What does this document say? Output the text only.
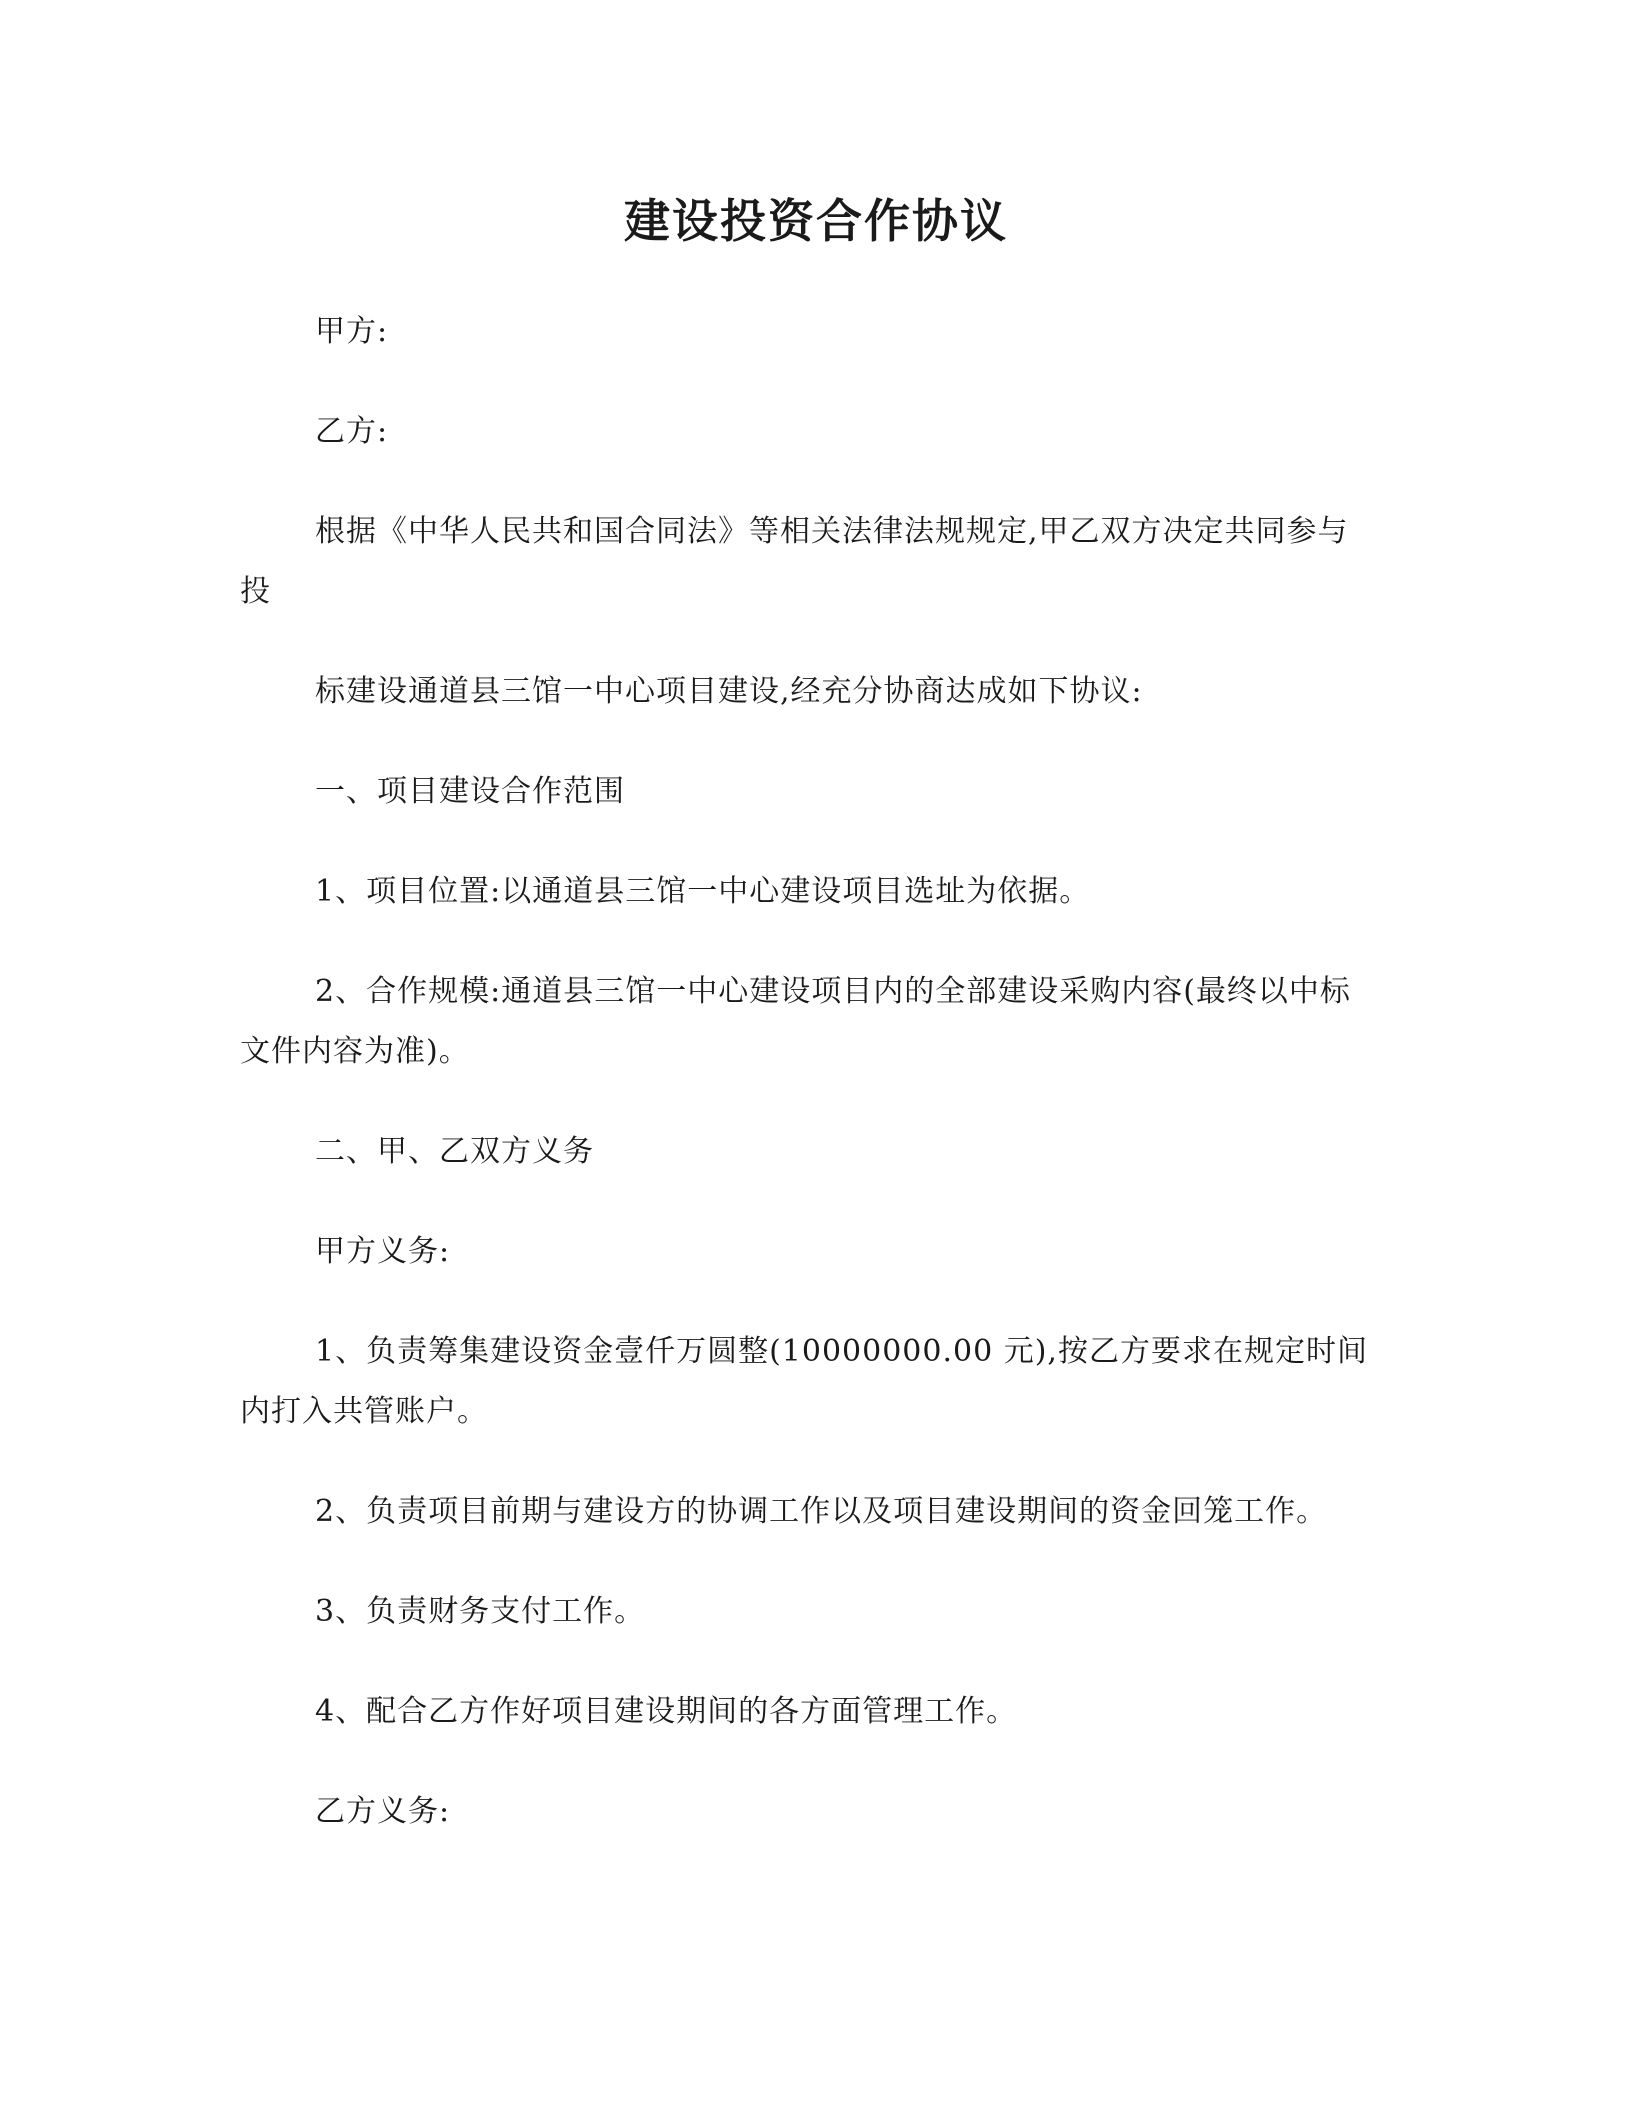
建设投资合作协议
甲方:
乙方:
根据《中华人民共和国合同法》等相关法律法规规定,甲乙双方决定共同参与
投
标建设通道县三馆一中心项目建设,经充分协商达成如下协议:
一、项目建设合作范围
1、项目位置:以通道县三馆一中心建设项目选址为依据。
2、合作规模:通道县三馆一中心建设项目内的全部建设采购内容(最终以中标
文件内容为准)。
二、甲、乙双方义务
甲方义务:
1、负责筹集建设资金壹仟万圆整(10000000.00 元),按乙方要求在规定时间
内打入共管账户。
2、负责项目前期与建设方的协调工作以及项目建设期间的资金回笼工作。
3、负责财务支付工作。
4、配合乙方作好项目建设期间的各方面管理工作。
乙方义务:
